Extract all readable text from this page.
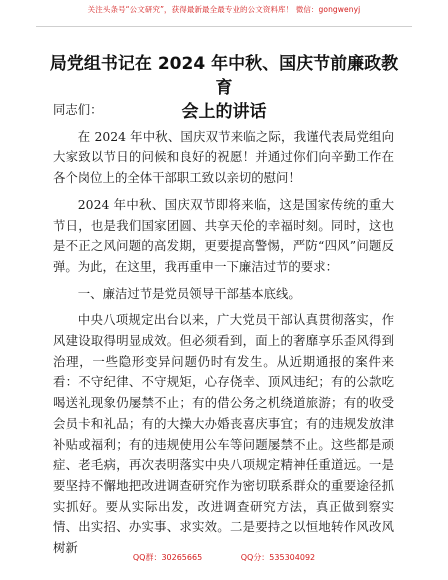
关注头条号“公文研究”，获得最新最全最专业的公文资料库！ 微信：gongwenyj
局党组书记在 2024 年中秋、国庆节前廉政教育
会上的讲话

同志们：

在 2024 年中秋、国庆双节来临之际，我谨代表局党组向大家致以节日的问候和良好的祝愿！并通过你们向辛勤工作在各个岗位上的全体干部职工致以亲切的慰问！

2024 年中秋、国庆双节即将来临，这是国家传统的重大节日，也是我们国家团圆、共享天伦的幸福时刻。同时，这也是不正之风问题的高发期，更要提高警惕，严防“四风”问题反弹。为此，在这里，我再重申一下廉洁过节的要求：

一、廉洁过节是党员领导干部基本底线。

中央八项规定出台以来，广大党员干部认真贯彻落实，作风建设取得明显成效。但必须看到，面上的奢靡享乐歪风得到治理，一些隐形变异问题仍时有发生。从近期通报的案件来看：不守纪律、不守规矩，心存侥幸、顶风违纪；有的公款吃喝送礼现象仍屡禁不止；有的借公务之机绕道旅游；有的收受会员卡和礼品；有的大操大办婚丧喜庆事宜；有的违规发放津补贴或福利；有的违规使用公车等问题屡禁不止。这些都是顽症、老毛病，再次表明落实中央八项规定精神任重道远。一是要坚持不懈地把改进调查研究作为密切联系群众的重要途径抓实抓好。要从实际出发，改进调查研究方法，真正做到察实情、出实招、办实事、求实效。二是要持之以恒地转作风改风树新

QQ群：30265665	QQ分：535304092
